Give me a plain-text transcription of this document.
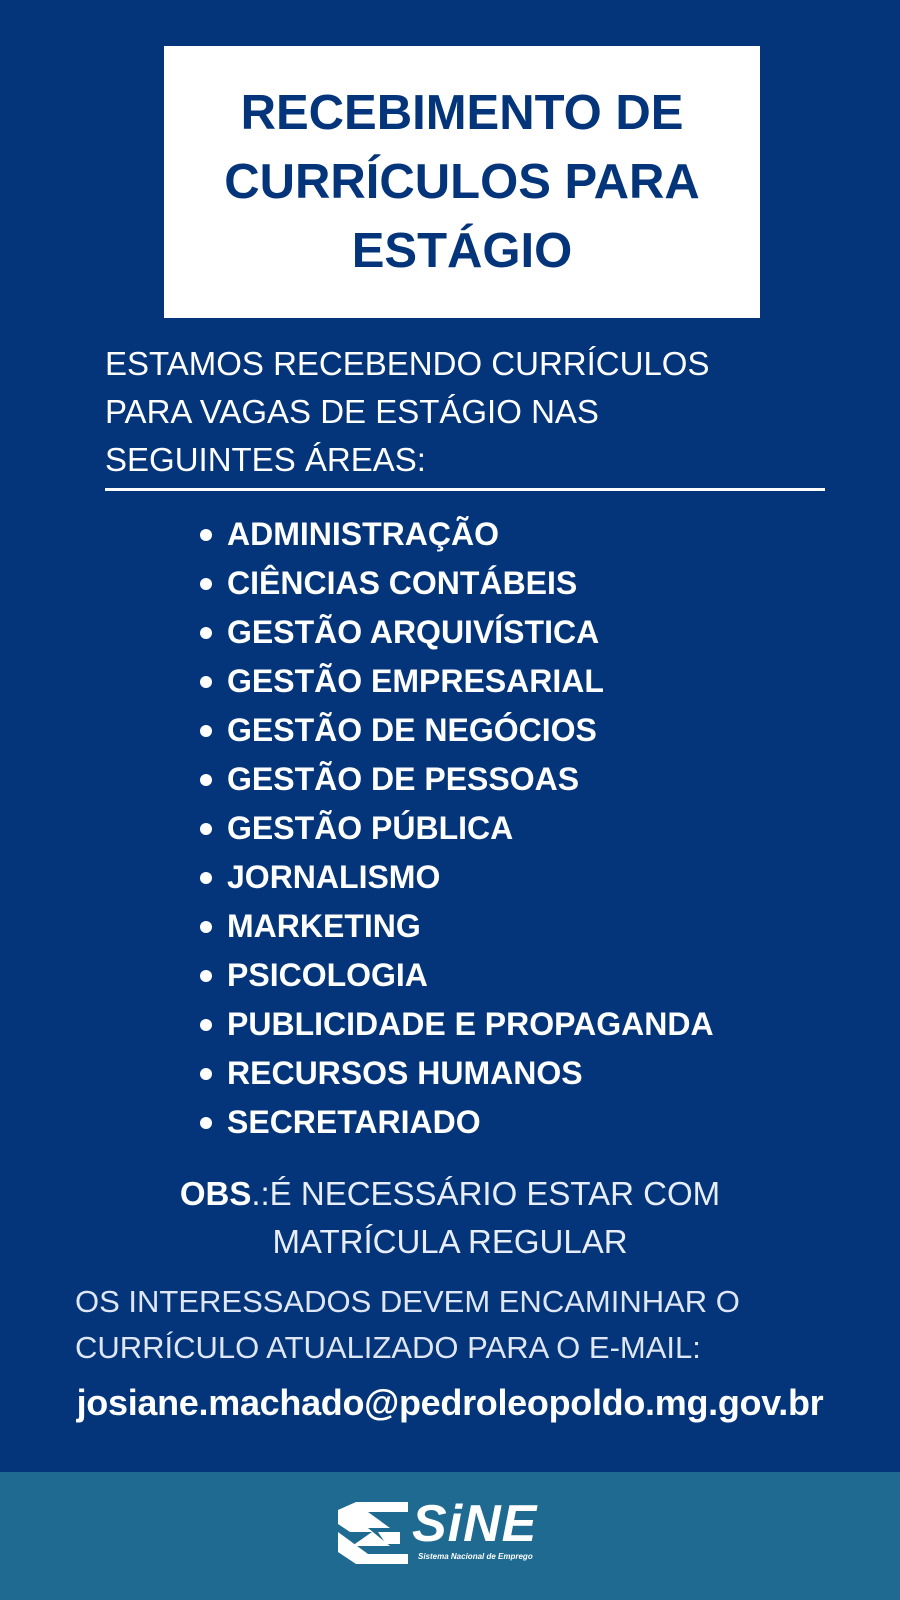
RECEBIMENTO DE
CURRÍCULOS PARA
ESTÁGIO
ESTAMOS RECEBENDO CURRÍCULOS
PARA VAGAS DE ESTÁGIO NAS
SEGUINTES ÁREAS:
ADMINISTRAÇÃO
CIÊNCIAS CONTÁBEIS
GESTÃO ARQUIVÍSTICA
GESTÃO EMPRESARIAL
GESTÃO DE NEGÓCIOS
GESTÃO DE PESSOAS
GESTÃO PÚBLICA
JORNALISMO
MARKETING
PSICOLOGIA
PUBLICIDADE E PROPAGANDA
RECURSOS HUMANOS
SECRETARIADO
OBS.:É NECESSÁRIO ESTAR COM
MATRÍCULA REGULAR
OS INTERESSADOS DEVEM ENCAMINHAR O
CURRÍCULO ATUALIZADO PARA O E-MAIL:
josiane.machado@pedroleopoldo.mg.gov.br
SiNE
Sistema Nacional de Emprego
